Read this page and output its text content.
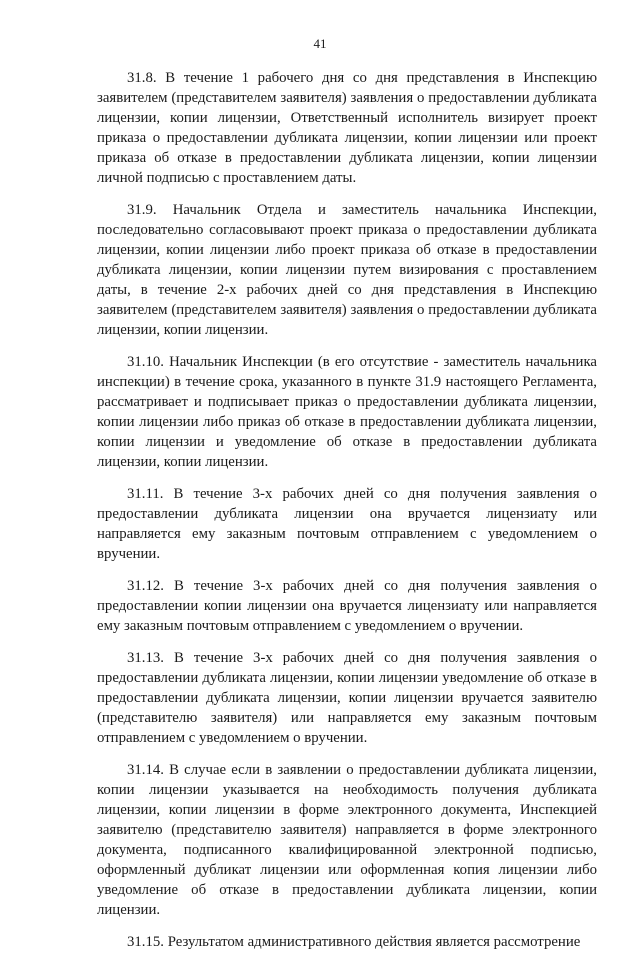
41

31.8. В течение 1 рабочего дня со дня представления в Инспекцию заявителем (представителем заявителя) заявления о предоставлении дубликата лицензии, копии лицензии, Ответственный исполнитель визирует проект приказа о предоставлении дубликата лицензии, копии лицензии или проект приказа об отказе в предоставлении дубликата лицензии, копии лицензии личной подписью с проставлением даты.

31.9. Начальник Отдела и заместитель начальника Инспекции, последовательно согласовывают проект приказа о предоставлении дубликата лицензии, копии лицензии либо проект приказа об отказе в предоставлении дубликата лицензии, копии лицензии путем визирования с проставлением даты, в течение 2-х рабочих дней со дня представления в Инспекцию заявителем (представителем заявителя) заявления о предоставлении дубликата лицензии, копии лицензии.

31.10. Начальник Инспекции (в его отсутствие - заместитель начальника инспекции) в течение срока, указанного в пункте 31.9 настоящего Регламента, рассматривает и подписывает приказ о предоставлении дубликата лицензии, копии лицензии либо приказ об отказе в предоставлении дубликата лицензии, копии лицензии и уведомление об отказе в предоставлении дубликата лицензии, копии лицензии.

31.11. В течение 3-х рабочих дней со дня получения заявления о предоставлении дубликата лицензии она вручается лицензиату или направляется ему заказным почтовым отправлением с уведомлением о вручении.

31.12. В течение 3-х рабочих дней со дня получения заявления о предоставлении копии лицензии она вручается лицензиату или направляется ему заказным почтовым отправлением с уведомлением о вручении.

31.13. В течение 3-х рабочих дней со дня получения заявления о предоставлении дубликата лицензии, копии лицензии уведомление об отказе в предоставлении дубликата лицензии, копии лицензии вручается заявителю (представителю заявителя) или направляется ему заказным почтовым отправлением с уведомлением о вручении.

31.14. В случае если в заявлении о предоставлении дубликата лицензии, копии лицензии указывается на необходимость получения дубликата лицензии, копии лицензии в форме электронного документа, Инспекцией заявителю (представителю заявителя) направляется в форме электронного документа, подписанного квалифицированной электронной подписью, оформленный дубликат лицензии или оформленная копия лицензии либо уведомление об отказе в предоставлении дубликата лицензии, копии лицензии.

31.15. Результатом административного действия является рассмотрение
